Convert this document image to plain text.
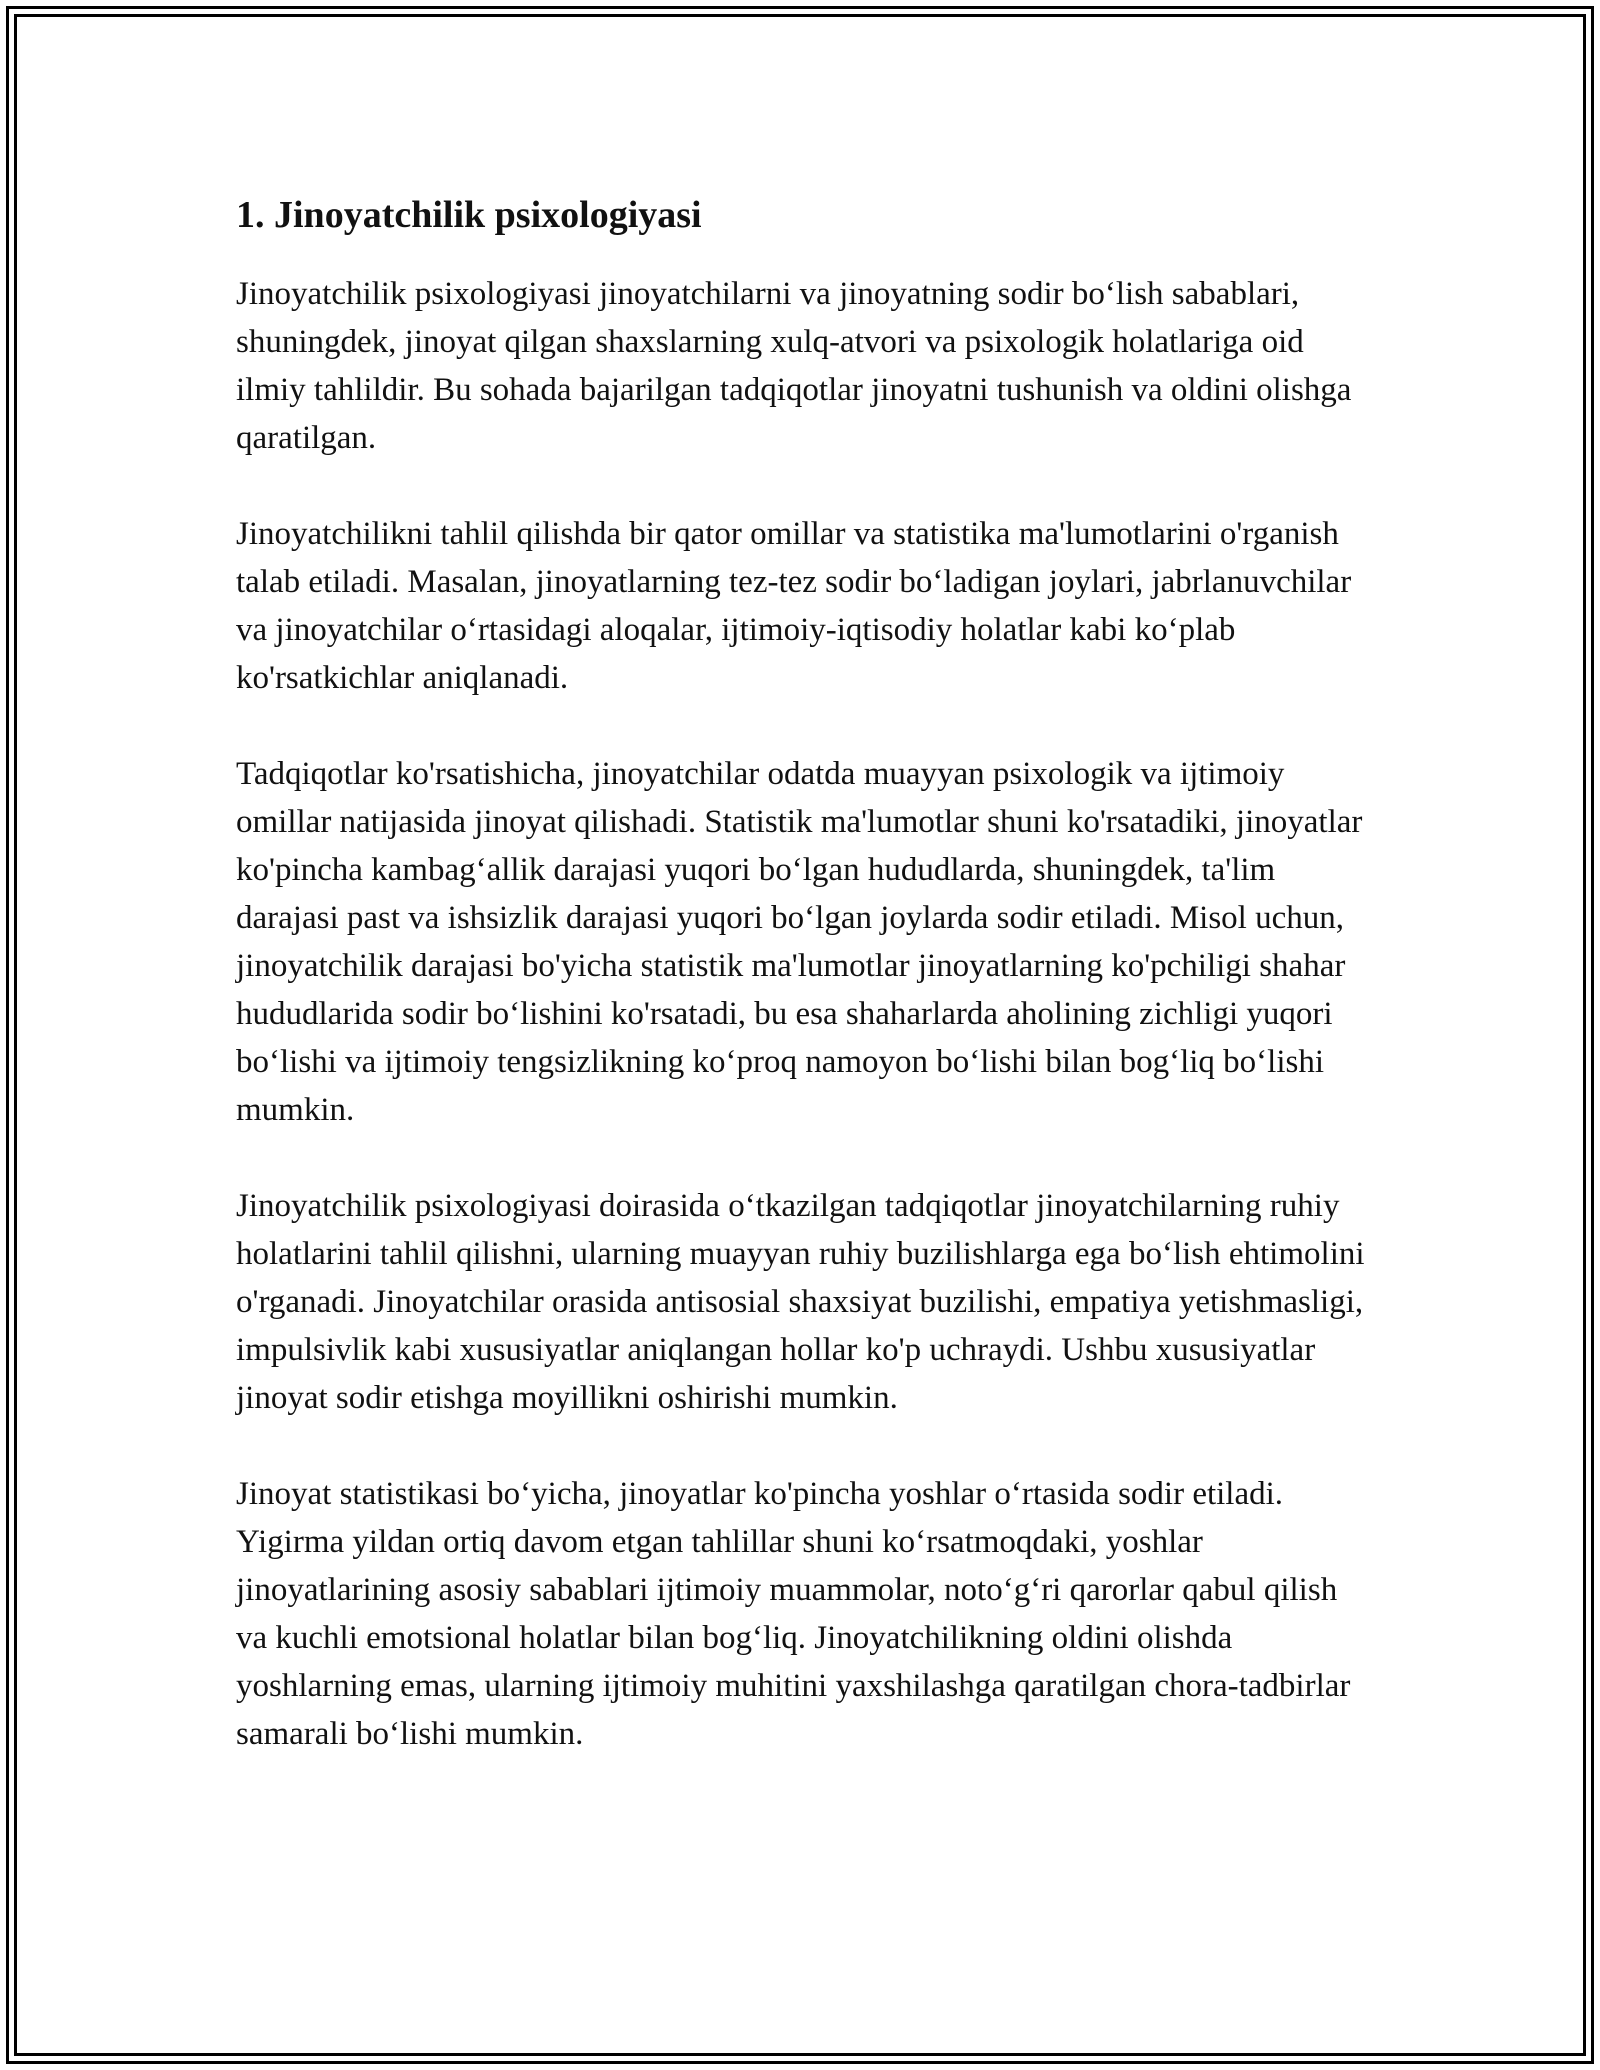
1. Jinoyatchilik psixologiyasi

Jinoyatchilik psixologiyasi jinoyatchilarni va jinoyatning sodir bo‘lish sabablari, shuningdek, jinoyat qilgan shaxslarning xulq-atvori va psixologik holatlariga oid ilmiy tahlildir. Bu sohada bajarilgan tadqiqotlar jinoyatni tushunish va oldini olishga qaratilgan.

Jinoyatchilikni tahlil qilishda bir qator omillar va statistika ma'lumotlarini o'rganish talab etiladi. Masalan, jinoyatlarning tez-tez sodir bo‘ladigan joylari, jabrlanuvchilar va jinoyatchilar o‘rtasidagi aloqalar, ijtimoiy-iqtisodiy holatlar kabi ko‘plab ko'rsatkichlar aniqlanadi.

Tadqiqotlar ko'rsatishicha, jinoyatchilar odatda muayyan psixologik va ijtimoiy omillar natijasida jinoyat qilishadi. Statistik ma'lumotlar shuni ko'rsatadiki, jinoyatlar ko'pincha kambag‘allik darajasi yuqori bo‘lgan hududlarda, shuningdek, ta'lim darajasi past va ishsizlik darajasi yuqori bo‘lgan joylarda sodir etiladi. Misol uchun, jinoyatchilik darajasi bo'yicha statistik ma'lumotlar jinoyatlarning ko'pchiligi shahar hududlarida sodir bo‘lishini ko'rsatadi, bu esa shaharlarda aholining zichligi yuqori bo‘lishi va ijtimoiy tengsizlikning ko‘proq namoyon bo‘lishi bilan bog‘liq bo‘lishi mumkin.

Jinoyatchilik psixologiyasi doirasida o‘tkazilgan tadqiqotlar jinoyatchilarning ruhiy holatlarini tahlil qilishni, ularning muayyan ruhiy buzilishlarga ega bo‘lish ehtimolini o'rganadi. Jinoyatchilar orasida antisosial shaxsiyat buzilishi, empatiya yetishmasligi, impulsivlik kabi xususiyatlar aniqlangan hollar ko'p uchraydi. Ushbu xususiyatlar jinoyat sodir etishga moyillikni oshirishi mumkin.

Jinoyat statistikasi bo‘yicha, jinoyatlar ko'pincha yoshlar o‘rtasida sodir etiladi. Yigirma yildan ortiq davom etgan tahlillar shuni ko‘rsatmoqdaki, yoshlar jinoyatlarining asosiy sabablari ijtimoiy muammolar, noto‘g‘ri qarorlar qabul qilish va kuchli emotsional holatlar bilan bog‘liq. Jinoyatchilikning oldini olishda yoshlarning emas, ularning ijtimoiy muhitini yaxshilashga qaratilgan chora-tadbirlar samarali bo‘lishi mumkin.
